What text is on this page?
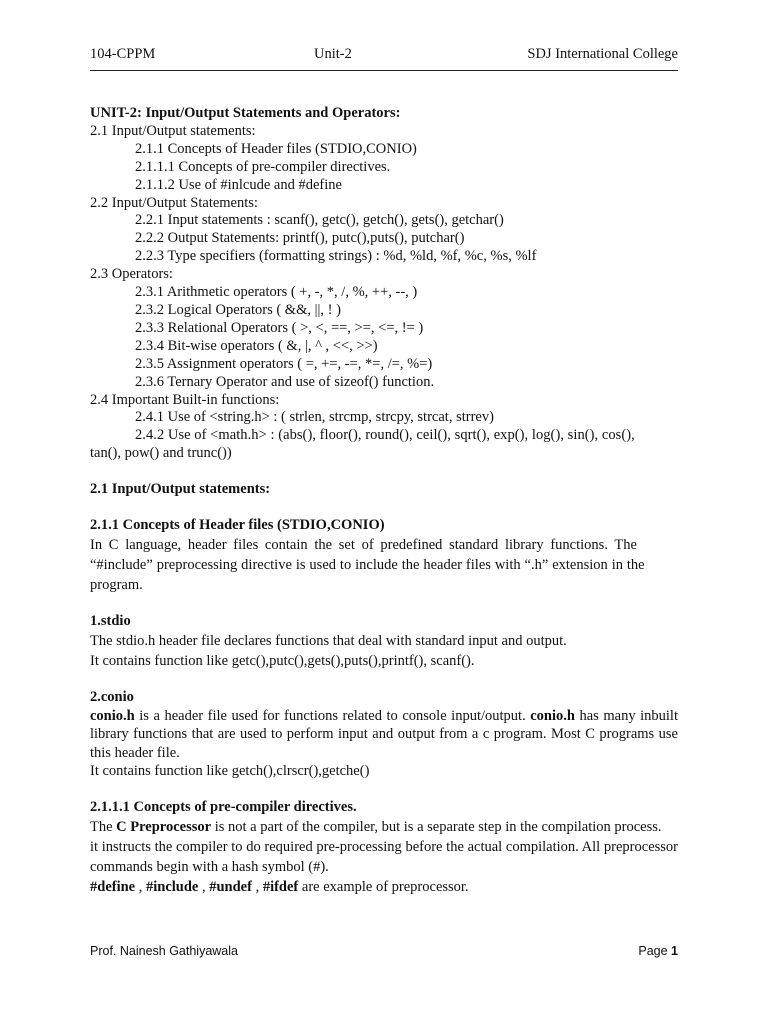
104-CPPM	Unit-2	SDJ International College
UNIT-2: Input/Output Statements and Operators:
2.1 Input/Output statements:
2.1.1 Concepts of Header files (STDIO,CONIO)
2.1.1.1 Concepts of pre-compiler directives.
2.1.1.2 Use of #inlcude and #define
2.2 Input/Output Statements:
2.2.1 Input statements : scanf(), getc(), getch(), gets(), getchar()
2.2.2 Output Statements: printf(), putc(),puts(), putchar()
2.2.3 Type specifiers (formatting strings) : %d, %ld, %f, %c, %s, %lf
2.3 Operators:
2.3.1 Arithmetic operators ( +, -, *, /, %, ++, --, )
2.3.2 Logical Operators ( &&, ||, ! )
2.3.3 Relational Operators ( >, <, ==, >=, <=, != )
2.3.4 Bit-wise operators ( &, |, ^ , <<, >>)
2.3.5 Assignment operators ( =, +=, -=, *=, /=, %=)
2.3.6 Ternary Operator and use of sizeof() function.
2.4 Important Built-in functions:
2.4.1 Use of <string.h> : ( strlen, strcmp, strcpy, strcat, strrev)
2.4.2 Use of <math.h> : (abs(), floor(), round(), ceil(), sqrt(), exp(), log(), sin(), cos(),
tan(), pow() and trunc())
2.1 Input/Output statements:
2.1.1 Concepts of Header files (STDIO,CONIO)
In C language, header files contain the set of predefined standard library functions. The
“#include” preprocessing directive is used to include the header files with “.h” extension in the
program.
1.stdio
The stdio.h header file declares functions that deal with standard input and output.
It contains function like getc(),putc(),gets(),puts(),printf(), scanf().
2.conio
conio.h is a header file used for functions related to console input/output. conio.h has many inbuilt library functions that are used to perform input and output from a c program. Most C programs use this header file.
It contains function like getch(),clrscr(),getche()
2.1.1.1 Concepts of pre-compiler directives.
The C Preprocessor is not a part of the compiler, but is a separate step in the compilation process.
it instructs the compiler to do required pre-processing before the actual compilation. All preprocessor commands begin with a hash symbol (#).
#define , #include , #undef , #ifdef are example of preprocessor.
Prof. Nainesh Gathiyawala	Page 1
